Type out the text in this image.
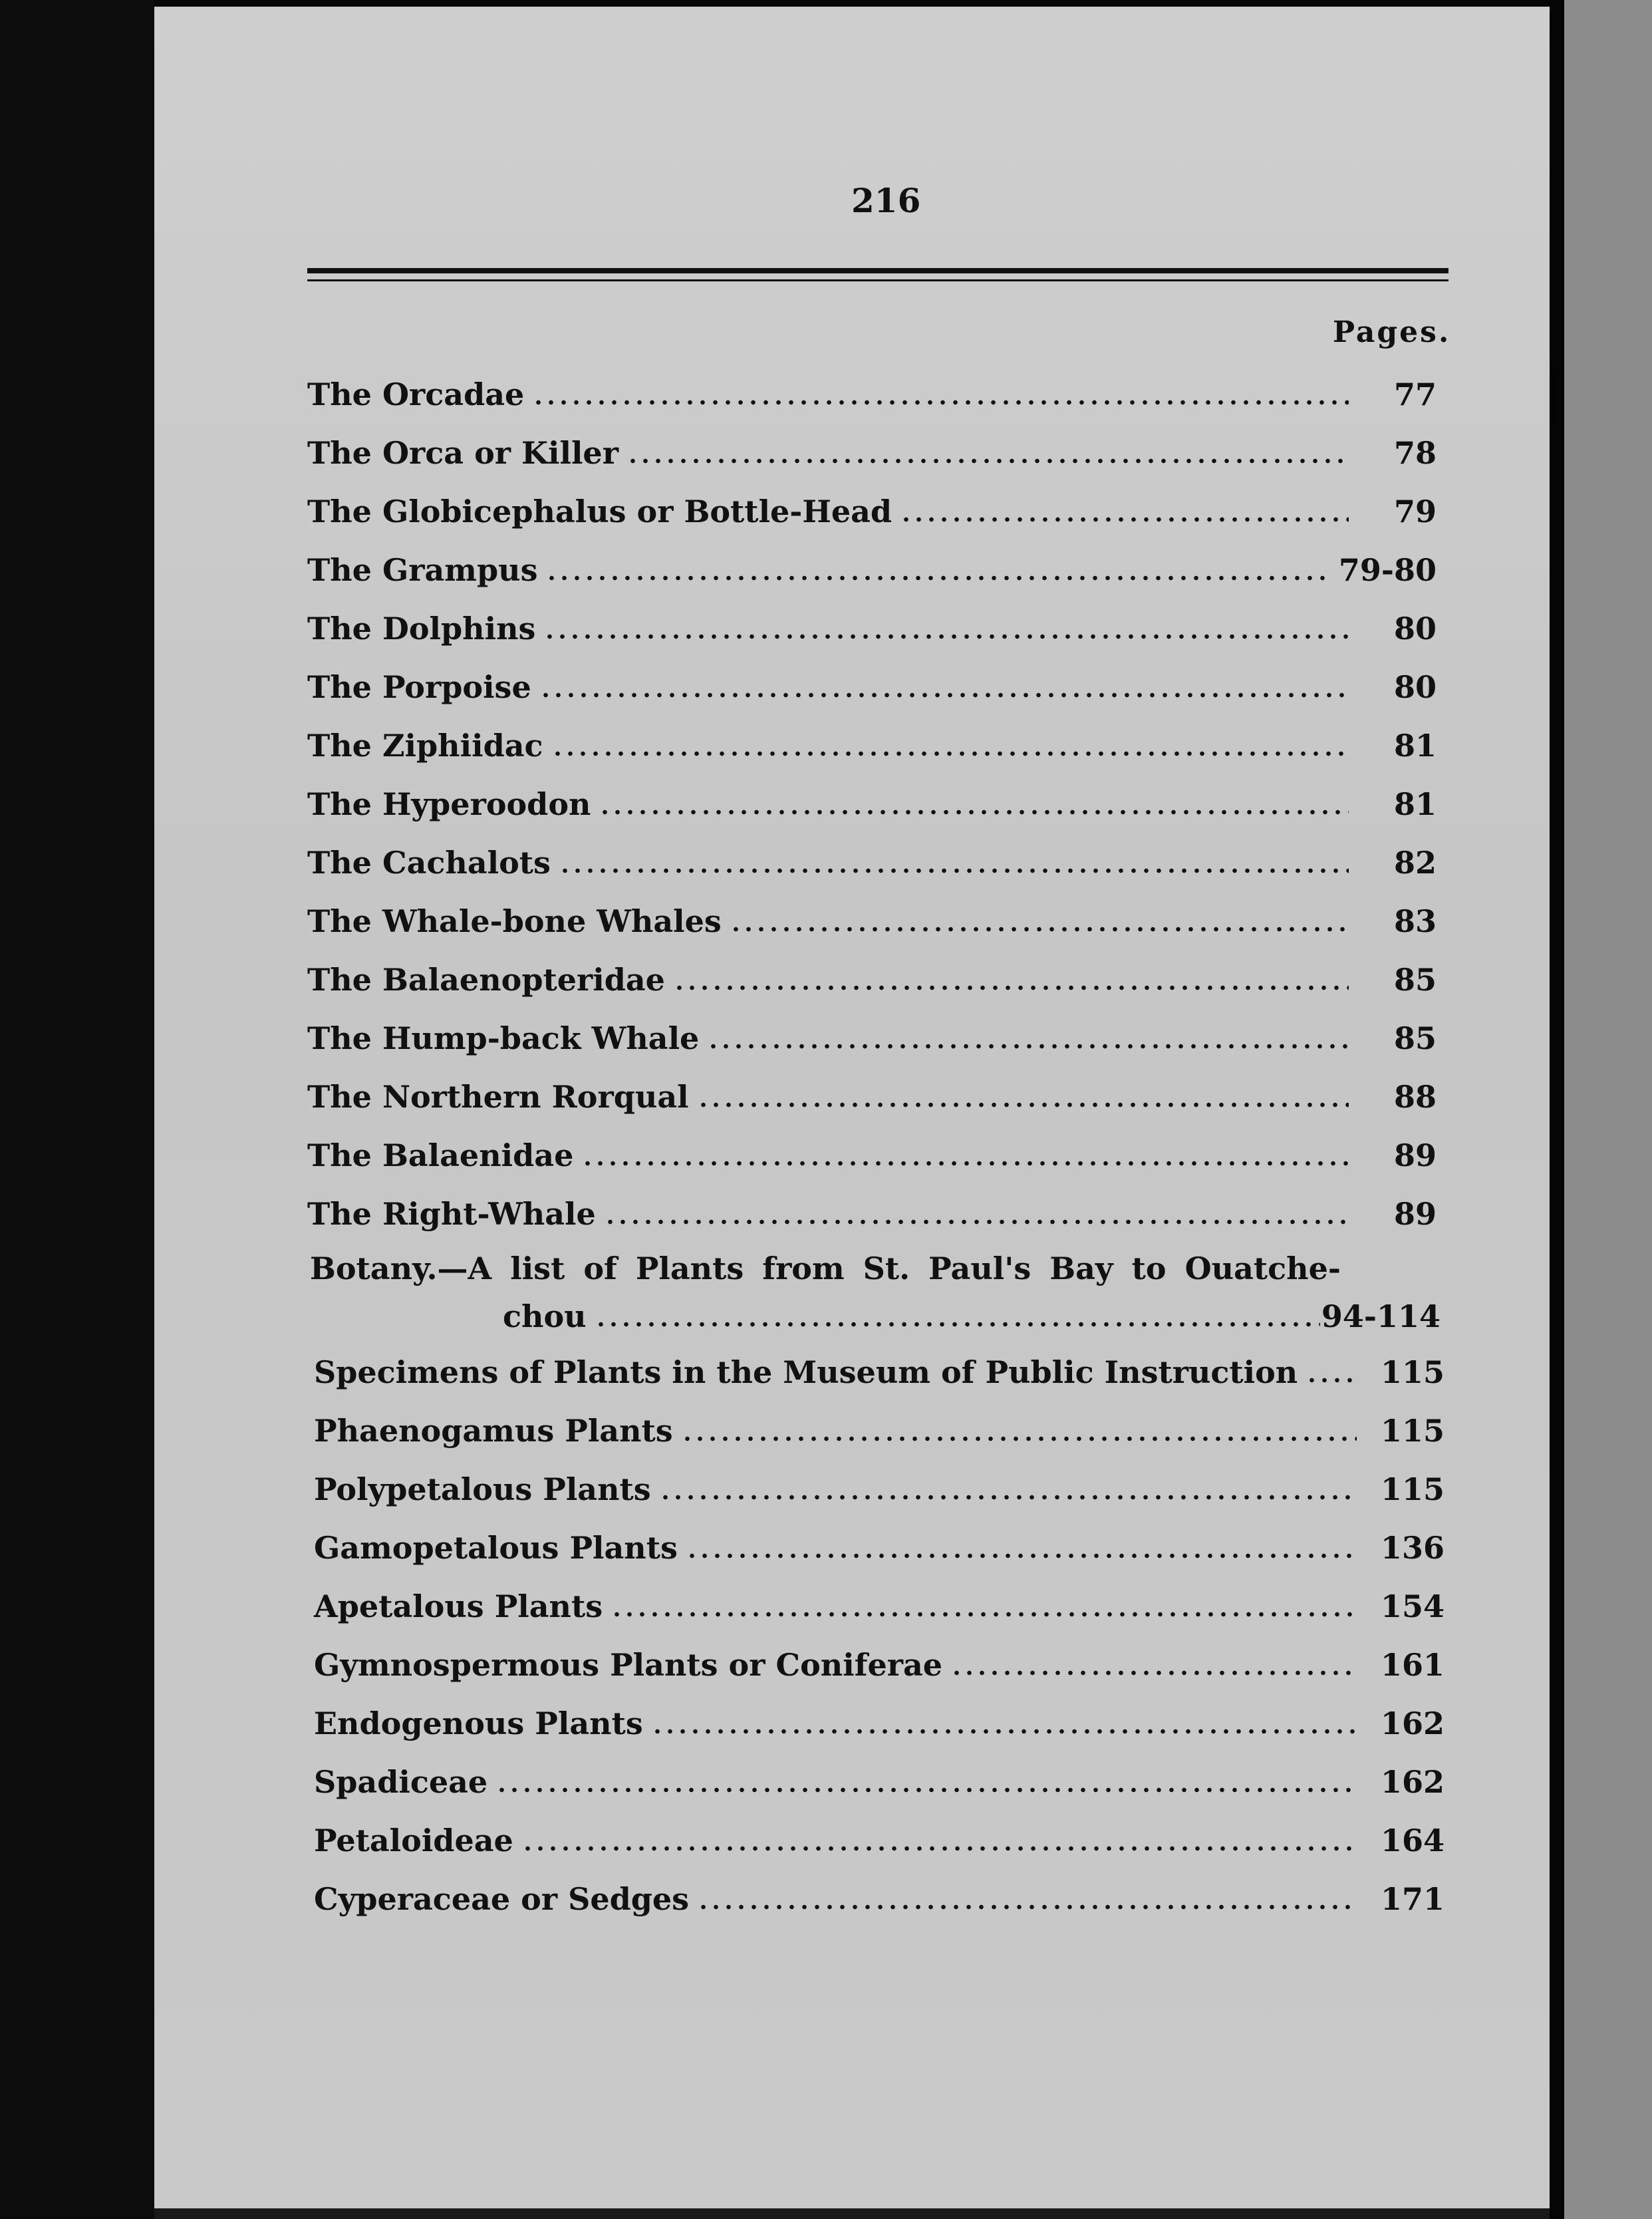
216
Pages.
The Orcadae	77
The Orca or Killer	78
The Globicephalus or Bottle-Head	79
The Grampus	79-80
The Dolphins	80
The Porpoise	80
The Ziphiidac	81
The Hyperoodon	81
The Cachalots	82
The Whale-bone Whales	83
The Balaenopteridae	85
The Hump-back Whale	85
The Northern Rorqual	88
The Balaenidae	89
The Right-Whale	89
Botany.—A list of Plants from St. Paul's Bay to Ouatche-
chou	94-114
Specimens of Plants in the Museum of Public Instruction	115
Phaenogamus Plants	115
Polypetalous Plants	115
Gamopetalous Plants	136
Apetalous Plants	154
Gymnospermous Plants or Coniferae	161
Endogenous Plants	162
Spadiceae	162
Petaloideae	164
Cyperaceae or Sedges	171
